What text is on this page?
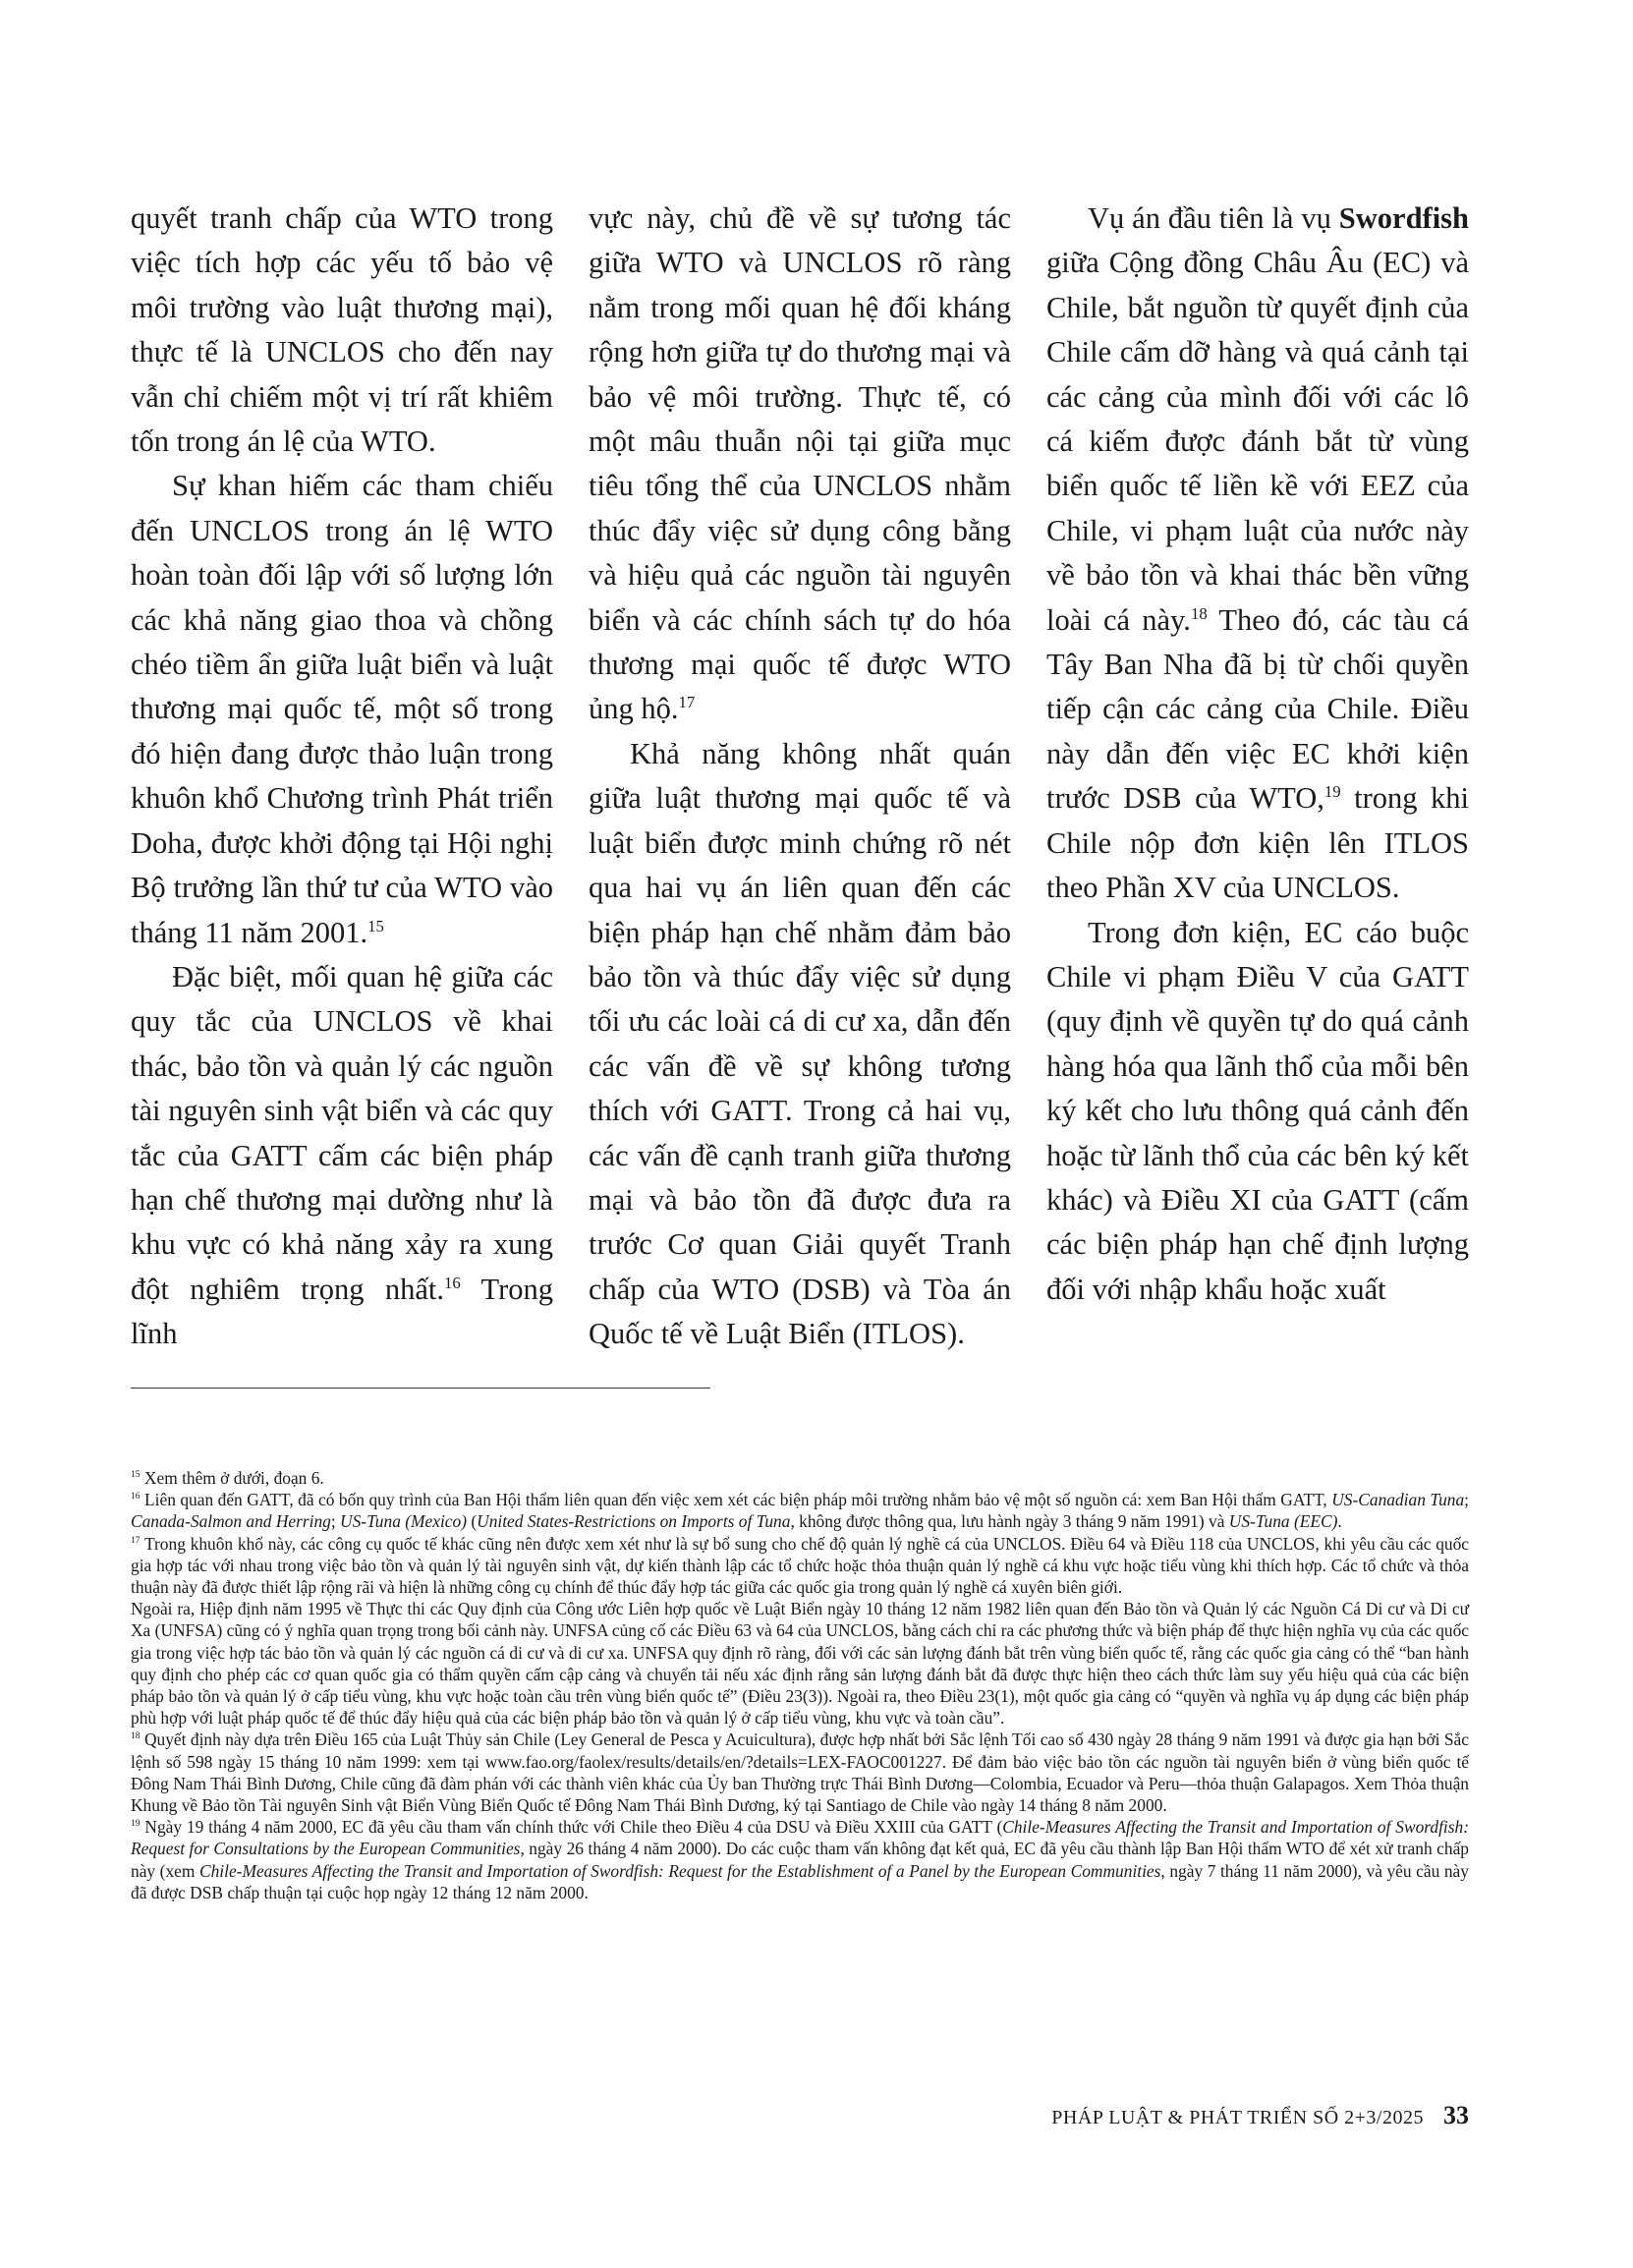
quyết tranh chấp của WTO trong việc tích hợp các yếu tố bảo vệ môi trường vào luật thương mại), thực tế là UNCLOS cho đến nay vẫn chỉ chiếm một vị trí rất khiêm tốn trong án lệ của WTO.

Sự khan hiếm các tham chiếu đến UNCLOS trong án lệ WTO hoàn toàn đối lập với số lượng lớn các khả năng giao thoa và chồng chéo tiềm ẩn giữa luật biển và luật thương mại quốc tế, một số trong đó hiện đang được thảo luận trong khuôn khổ Chương trình Phát triển Doha, được khởi động tại Hội nghị Bộ trưởng lần thứ tư của WTO vào tháng 11 năm 2001.15

Đặc biệt, mối quan hệ giữa các quy tắc của UNCLOS về khai thác, bảo tồn và quản lý các nguồn tài nguyên sinh vật biển và các quy tắc của GATT cấm các biện pháp hạn chế thương mại dường như là khu vực có khả năng xảy ra xung đột nghiêm trọng nhất.$^{16}$ Trong lĩnh

vực này, chủ đề về sự tương tác giữa WTO và UNCLOS rõ ràng nằm trong mối quan hệ đối kháng rộng hơn giữa tự do thương mại và bảo vệ môi trường. Thực tế, có một mâu thuẫn nội tại giữa mục tiêu tổng thể của UNCLOS nhằm thúc đẩy việc sử dụng công bằng và hiệu quả các nguồn tài nguyên biển và các chính sách tự do hóa thương mại quốc tế được WTO ủng hộ.$^{17}$

Khả năng không nhất quán giữa luật thương mại quốc tế và luật biển được minh chứng rõ nét qua hai vụ án liên quan đến các biện pháp hạn chế nhằm đảm bảo bảo tồn và thúc đẩy việc sử dụng tối ưu các loài cá di cư xa, dẫn đến các vấn đề về sự không tương thích với GATT. Trong cả hai vụ, các vấn đề cạnh tranh giữa thương mại và bảo tồn đã được đưa ra trước Cơ quan Giải quyết Tranh chấp của WTO (DSB) và Tòa án Quốc tế về Luật Biển (ITLOS).

Vụ án đầu tiên là vụ Swordfish giữa Cộng đồng Châu Âu (EC) và Chile, bắt nguồn từ quyết định của Chile cấm dỡ hàng và quá cảnh tại các cảng của mình đối với các lô cá kiếm được đánh bắt từ vùng biển quốc tế liền kề với EEZ của Chile, vi phạm luật của nước này về bảo tồn và khai thác bền vững loài cá này.$^{18}$ Theo đó, các tàu cá Tây Ban Nha đã bị từ chối quyền tiếp cận các cảng của Chile. Điều này dẫn đến việc EC khởi kiện trước DSB của WTO,$^{19}$ trong khi Chile nộp đơn kiện lên ITLOS theo Phần XV của UNCLOS.

Trong đơn kiện, EC cáo buộc Chile vi phạm Điều V của GATT (quy định về quyền tự do quá cảnh hàng hóa qua lãnh thổ của mỗi bên ký kết cho lưu thông quá cảnh đến hoặc từ lãnh thổ của các bên ký kết khác) và Điều XI của GATT (cấm các biện pháp hạn chế định lượng đối với nhập khẩu hoặc xuất

$^{15}$ Xem thêm ở dưới, đoạn 6.

$^{16}$ Liên quan đến GATT, đã có bốn quy trình của Ban Hội thẩm liên quan đến việc xem xét các biện pháp môi trường nhằm bảo vệ một số nguồn cá: xem Ban Hội thẩm GATT, US-Canadian Tuna; Canada-Salmon and Herring; US-Tuna (Mexico) (United States-Restrictions on Imports of Tuna, không được thông qua, lưu hành ngày 3 tháng 9 năm 1991) và US-Tuna (EEC).

$^{17}$ Trong khuôn khổ này, các công cụ quốc tế khác cũng nên được xem xét như là sự bổ sung cho chế độ quản lý nghề cá của UNCLOS. Điều 64 và Điều 118 của UNCLOS, khi yêu cầu các quốc gia hợp tác với nhau trong việc bảo tồn và quản lý tài nguyên sinh vật, dự kiến thành lập các tổ chức hoặc thỏa thuận quản lý nghề cá khu vực hoặc tiểu vùng khi thích hợp. Các tổ chức và thỏa thuận này đã được thiết lập rộng rãi và hiện là những công cụ chính để thúc đẩy hợp tác giữa các quốc gia trong quản lý nghề cá xuyên biên giới.

Ngoài ra, Hiệp định năm 1995 về Thực thi các Quy định của Công ước Liên hợp quốc về Luật Biển ngày 10 tháng 12 năm 1982 liên quan đến Bảo tồn và Quản lý các Nguồn Cá Di cư và Di cư Xa (UNFSA) cũng có ý nghĩa quan trọng trong bối cảnh này. UNFSA củng cố các Điều 63 và 64 của UNCLOS, bằng cách chỉ ra các phương thức và biện pháp để thực hiện nghĩa vụ của các quốc gia trong việc hợp tác bảo tồn và quản lý các nguồn cá di cư và di cư xa. UNFSA quy định rõ ràng, đối với các sản lượng đánh bắt trên vùng biển quốc tế, rằng các quốc gia cảng có thể “ban hành quy định cho phép các cơ quan quốc gia có thẩm quyền cấm cập cảng và chuyển tải nếu xác định rằng sản lượng đánh bắt đã được thực hiện theo cách thức làm suy yếu hiệu quả của các biện pháp bảo tồn và quản lý ở cấp tiểu vùng, khu vực hoặc toàn cầu trên vùng biển quốc tế” (Điều 23(3)). Ngoài ra, theo Điều 23(1), một quốc gia cảng có “quyền và nghĩa vụ áp dụng các biện pháp phù hợp với luật pháp quốc tế để thúc đẩy hiệu quả của các biện pháp bảo tồn và quản lý ở cấp tiểu vùng, khu vực và toàn cầu”.

$^{18}$ Quyết định này dựa trên Điều 165 của Luật Thủy sản Chile (Ley General de Pesca y Acuicultura), được hợp nhất bởi Sắc lệnh Tối cao số 430 ngày 28 tháng 9 năm 1991 và được gia hạn bởi Sắc lệnh số 598 ngày 15 tháng 10 năm 1999: xem tại www.fao.org/faolex/results/details/en/?details=LEX-FAOC001227. Để đảm bảo việc bảo tồn các nguồn tài nguyên biển ở vùng biển quốc tế Đông Nam Thái Bình Dương, Chile cũng đã đàm phán với các thành viên khác của Ủy ban Thường trực Thái Bình Dương—Colombia, Ecuador và Peru—thỏa thuận Galapagos. Xem Thỏa thuận Khung về Bảo tồn Tài nguyên Sinh vật Biển Vùng Biển Quốc tế Đông Nam Thái Bình Dương, ký tại Santiago de Chile vào ngày 14 tháng 8 năm 2000.

$^{19}$ Ngày 19 tháng 4 năm 2000, EC đã yêu cầu tham vấn chính thức với Chile theo Điều 4 của DSU và Điều XXIII của GATT (Chile-Measures Affecting the Transit and Importation of Swordfish: Request for Consultations by the European Communities, ngày 26 tháng 4 năm 2000). Do các cuộc tham vấn không đạt kết quả, EC đã yêu cầu thành lập Ban Hội thẩm WTO để xét xử tranh chấp này (xem Chile-Measures Affecting the Transit and Importation of Swordfish: Request for the Establishment of a Panel by the European Communities, ngày 7 tháng 11 năm 2000), và yêu cầu này đã được DSB chấp thuận tại cuộc họp ngày 12 tháng 12 năm 2000.

PHÁP LUẬT & PHÁT TRIỂN SỐ 2+3/2025 33
